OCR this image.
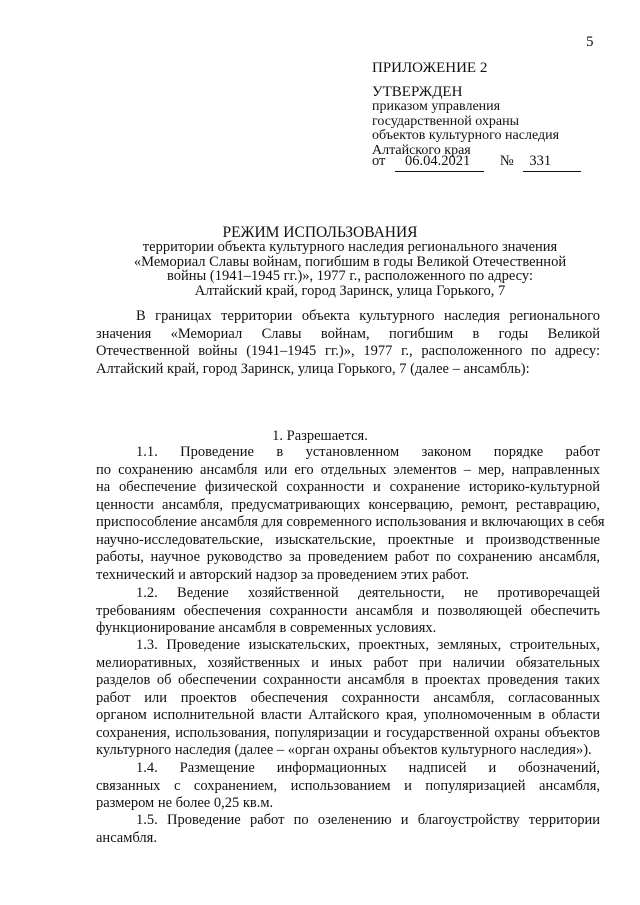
5
ПРИЛОЖЕНИЕ 2
УТВЕРЖДЕН
приказом управления
государственной охраны
объектов культурного наследия
Алтайского края
от 06.04.2021 № 331
РЕЖИМ ИСПОЛЬЗОВАНИЯ
территории объекта культурного наследия регионального значения
«Мемориал Славы войнам, погибшим в годы Великой Отечественной
войны (1941–1945 гг.)», 1977 г., расположенного по адресу:
Алтайский край, город Заринск, улица Горького, 7
В границах территории объекта культурного наследия регионального
значения «Мемориал Славы войнам, погибшим в годы Великой
Отечественной войны (1941–1945 гг.)», 1977 г., расположенного по адресу:
Алтайский край, город Заринск, улица Горького, 7 (далее – ансамбль):
1. Разрешается.
1.1. Проведение в установленном законом порядке работ
по сохранению ансамбля или его отдельных элементов – мер, направленных
на обеспечение физической сохранности и сохранение историко-культурной
ценности ансамбля, предусматривающих консервацию, ремонт, реставрацию,
приспособление ансамбля для современного использования и включающих в себя
научно-исследовательские, изыскательские, проектные и производственные
работы, научное руководство за проведением работ по сохранению ансамбля,
технический и авторский надзор за проведением этих работ.
1.2. Ведение хозяйственной деятельности, не противоречащей
требованиям обеспечения сохранности ансамбля и позволяющей обеспечить
функционирование ансамбля в современных условиях.
1.3. Проведение изыскательских, проектных, земляных, строительных,
мелиоративных, хозяйственных и иных работ при наличии обязательных
разделов об обеспечении сохранности ансамбля в проектах проведения таких
работ или проектов обеспечения сохранности ансамбля, согласованных
органом исполнительной власти Алтайского края, уполномоченным в области
сохранения, использования, популяризации и государственной охраны объектов
культурного наследия (далее – «орган охраны объектов культурного наследия»).
1.4. Размещение информационных надписей и обозначений,
связанных с сохранением, использованием и популяризацией ансамбля,
размером не более 0,25 кв.м.
1.5. Проведение работ по озеленению и благоустройству территории
ансамбля.
